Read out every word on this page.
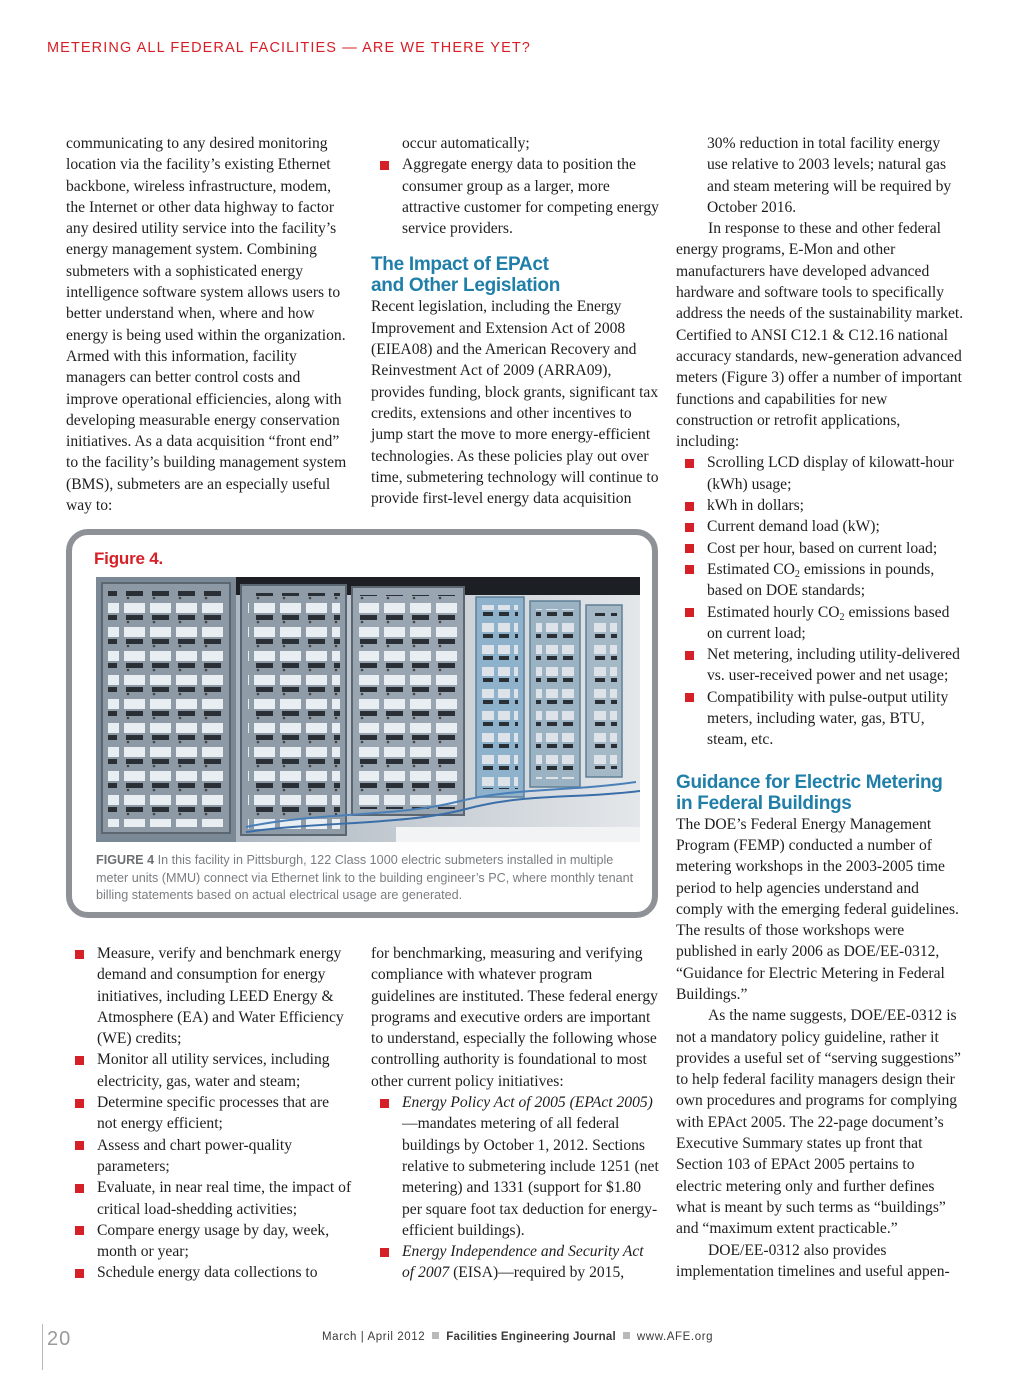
METERING ALL FEDERAL FACILITIES — ARE WE THERE YET?

communicating to any desired monitoring location via the facility’s existing Ethernet backbone, wireless infrastructure, modem, the Internet or other data highway to factor any desired utility service into the facility’s energy management system. Combining submeters with a sophisticated energy intelligence software system allows users to better understand when, where and how energy is being used within the organization. Armed with this information, facility managers can better control costs and improve operational efficiencies, along with developing measurable energy conservation initiatives. As a data acquisition “front end” to the facility’s building management system (BMS), submeters are an especially useful way to:

occur automatically;

Aggregate energy data to position the consumer group as a larger, more attractive customer for competing energy service providers.
The Impact of EPAct
and Other Legislation

Recent legislation, including the Energy Improvement and Extension Act of 2008 (EIEA08) and the American Recovery and Reinvestment Act of 2009 (ARRA09), provides funding, block grants, significant tax credits, extensions and other incentives to jump start the move to more energy-efficient technologies. As these policies play out over time, submetering technology will continue to provide first-level energy data acquisition

30% reduction in total facility energy use relative to 2003 levels; natural gas and steam metering will be required by October 2016.

In response to these and other federal energy programs, E-Mon and other manufacturers have developed advanced hardware and software tools to specifically address the needs of the sustainability market. Certified to ANSI C12.1 & C12.16 national accuracy standards, new-generation advanced meters (Figure 3) offer a number of important functions and capabilities for new construction or retrofit applications, including:

Scrolling LCD display of kilowatt-hour (kWh) usage;
kWh in dollars;
Current demand load (kW);
Cost per hour, based on current load;
Estimated $CO_2$ emissions in pounds, based on DOE standards;
Estimated hourly $CO_2$ emissions based on current load;
Net metering, including utility-delivered vs. user-received power and net usage;
Compatibility with pulse-output utility meters, including water, gas, BTU, steam, etc.
Guidance for Electric Metering
in Federal Buildings

The DOE’s Federal Energy Management Program (FEMP) conducted a number of metering workshops in the 2003-2005 time period to help agencies understand and comply with the emerging federal guidelines. The results of those workshops were published in early 2006 as DOE/EE-0312, “Guidance for Electric Metering in Federal Buildings.”

As the name suggests, DOE/EE-0312 is not a mandatory policy guideline, rather it provides a useful set of “serving suggestions” to help federal facility managers design their own procedures and programs for complying with EPAct 2005. The 22-page document’s Executive Summary states up front that Section 103 of EPAct 2005 pertains to electric metering only and further defines what is meant by such terms as “buildings” and “maximum extent practicable.”

DOE/EE-0312 also provides implementation timelines and useful appen-

Figure 4.
FIGURE 4 In this facility in Pittsburgh, 122 Class 1000 electric submeters installed in multiple meter units (MMU) connect via Ethernet link to the building engineer’s PC, where monthly tenant billing statements based on actual electrical usage are generated.
Measure, verify and benchmark energy demand and consumption for energy initiatives, including LEED Energy & Atmosphere (EA) and Water Efficiency (WE) credits;
Monitor all utility services, including electricity, gas, water and steam;
Determine specific processes that are not energy efficient;
Assess and chart power-quality parameters;
Evaluate, in near real time, the impact of critical load-shedding activities;
Compare energy usage by day, week, month or year;
Schedule energy data collections to

for benchmarking, measuring and verifying compliance with whatever program guidelines are instituted. These federal energy programs and executive orders are important to understand, especially the following whose controlling authority is foundational to most other current policy initiatives:

Energy Policy Act of 2005 (EPAct 2005)—mandates metering of all federal buildings by October 1, 2012. Sections relative to submetering include 1251 (net metering) and 1331 (support for $1.80 per square foot tax deduction for energy-efficient buildings).
Energy Independence and Security Act of 2007 (EISA)—required by 2015,
20	March | April 2012 Facilities Engineering Journal www.AFE.org
